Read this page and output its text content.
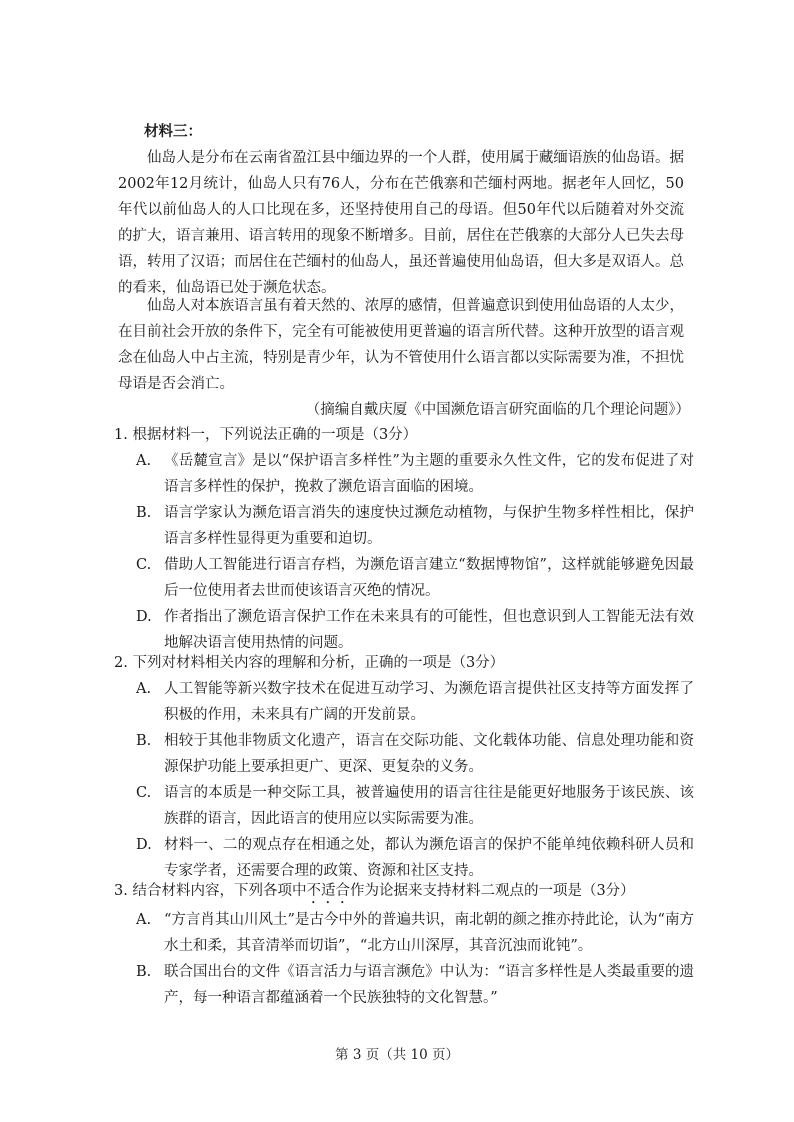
材料三：

仙岛人是分布在云南省盈江县中缅边界的一个人群，使用属于藏缅语族的仙岛语。据2002年12月统计，仙岛人只有76人，分布在芒俄寨和芒缅村两地。据老年人回忆，50年代以前仙岛人的人口比现在多，还坚持使用自己的母语。但50年代以后随着对外交流的扩大，语言兼用、语言转用的现象不断增多。目前，居住在芒俄寨的大部分人已失去母语，转用了汉语；而居住在芒缅村的仙岛人，虽还普遍使用仙岛语，但大多是双语人。总的看来，仙岛语已处于濒危状态。

仙岛人对本族语言虽有着天然的、浓厚的感情，但普遍意识到使用仙岛语的人太少，在目前社会开放的条件下，完全有可能被使用更普遍的语言所代替。这种开放型的语言观念在仙岛人中占主流，特别是青少年，认为不管使用什么语言都以实际需要为准，不担忧母语是否会消亡。

（摘编自戴庆厦《中国濒危语言研究面临的几个理论问题》）

1. 根据材料一，下列说法正确的一项是（3分）

A. 《岳麓宣言》是以“保护语言多样性”为主题的重要永久性文件，它的发布促进了对语言多样性的保护，挽救了濒危语言面临的困境。

B. 语言学家认为濒危语言消失的速度快过濒危动植物，与保护生物多样性相比，保护语言多样性显得更为重要和迫切。

C. 借助人工智能进行语言存档，为濒危语言建立“数据博物馆”，这样就能够避免因最后一位使用者去世而使该语言灭绝的情况。

D. 作者指出了濒危语言保护工作在未来具有的可能性，但也意识到人工智能无法有效地解决语言使用热情的问题。

2. 下列对材料相关内容的理解和分析，正确的一项是（3分）

A. 人工智能等新兴数字技术在促进互动学习、为濒危语言提供社区支持等方面发挥了积极的作用，未来具有广阔的开发前景。

B. 相较于其他非物质文化遗产，语言在交际功能、文化载体功能、信息处理功能和资源保护功能上要承担更广、更深、更复杂的义务。

C. 语言的本质是一种交际工具，被普遍使用的语言往往是能更好地服务于该民族、该族群的语言，因此语言的使用应以实际需要为准。

D. 材料一、二的观点存在相通之处，都认为濒危语言的保护不能单纯依赖科研人员和专家学者，还需要合理的政策、资源和社区支持。

3. 结合材料内容，下列各项中不适合作为论据来支持材料二观点的一项是（3分）

A. “方言肖其山川风土”是古今中外的普遍共识，南北朝的颜之推亦持此论，认为“南方水土和柔，其音清举而切诣”，“北方山川深厚，其音沉浊而讹钝”。

B. 联合国出台的文件《语言活力与语言濒危》中认为：“语言多样性是人类最重要的遗产，每一种语言都蕴涵着一个民族独特的文化智慧。”

第 3 页（共 10 页）
